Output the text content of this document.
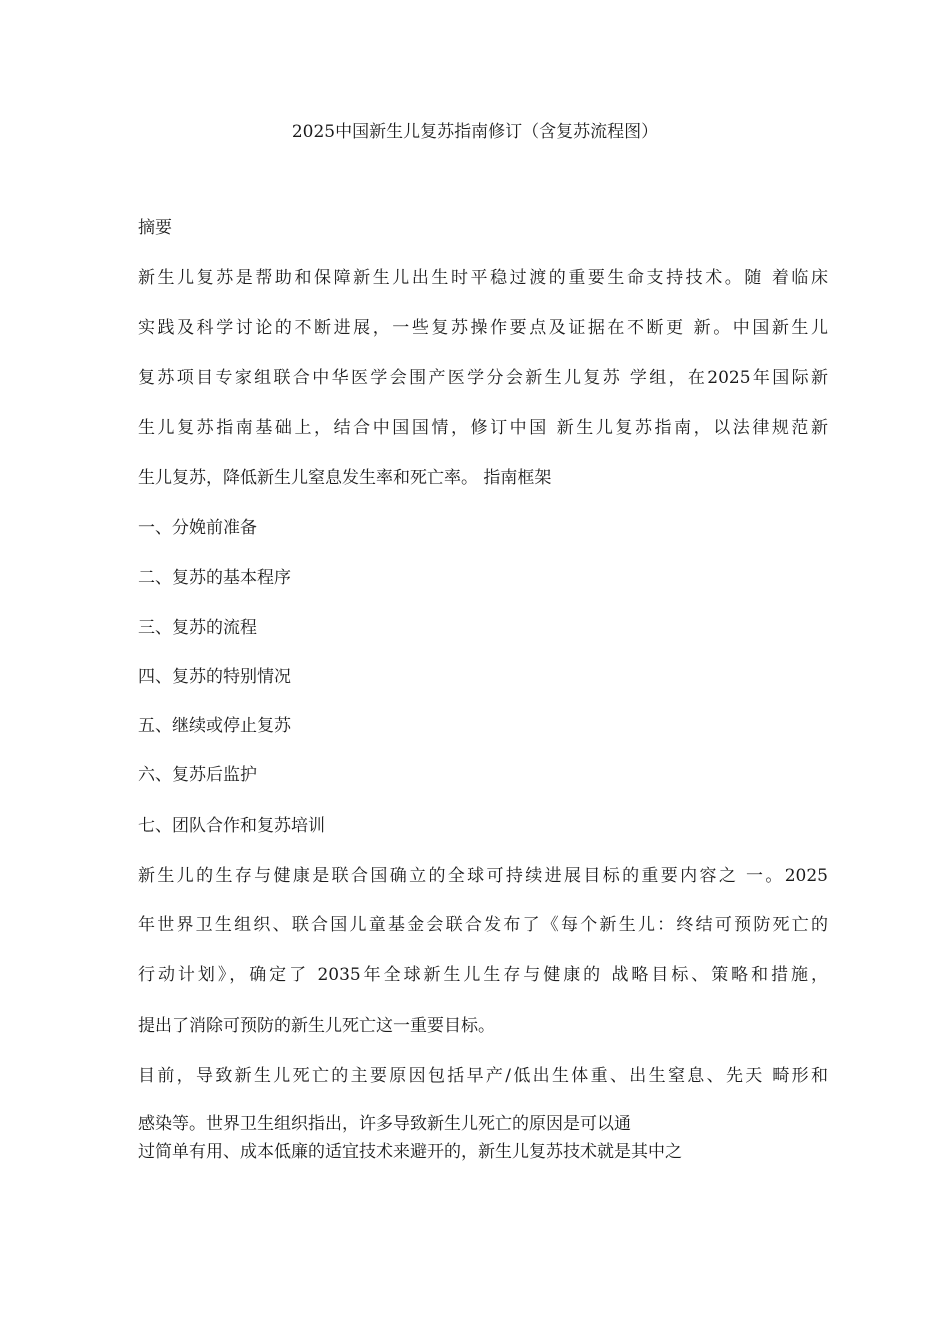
2025中国新生儿复苏指南修订（含复苏流程图）
摘要
新生儿复苏是帮助和保障新生儿出生时平稳过渡的重要生命支持技术。随 着临床
实践及科学讨论的不断进展，一些复苏操作要点及证据在不断更 新。中国新生儿
复苏项目专家组联合中华医学会围产医学分会新生儿复苏 学组，在2025年国际新
生儿复苏指南基础上，结合中国国情，修订中国 新生儿复苏指南，以法律规范新
生儿复苏，降低新生儿窒息发生率和死亡率。 指南框架
一、分娩前准备
二、复苏的基本程序
三、复苏的流程
四、复苏的特别情况
五、继续或停止复苏
六、复苏后监护
七、团队合作和复苏培训
新生儿的生存与健康是联合国确立的全球可持续进展目标的重要内容之 一。2025
年世界卫生组织、联合国儿童基金会联合发布了《每个新生儿：终结可预防死亡的
行动计划》，确定了 2035年全球新生儿生存与健康的 战略目标、策略和措施，
提出了消除可预防的新生儿死亡这一重要目标。
目前，导致新生儿死亡的主要原因包括早产/低出生体重、出生窒息、先天 畸形和
感染等。世界卫生组织指出，许多导致新生儿死亡的原因是可以通
过简单有用、成本低廉的适宜技术来避开的，新生儿复苏技术就是其中之
